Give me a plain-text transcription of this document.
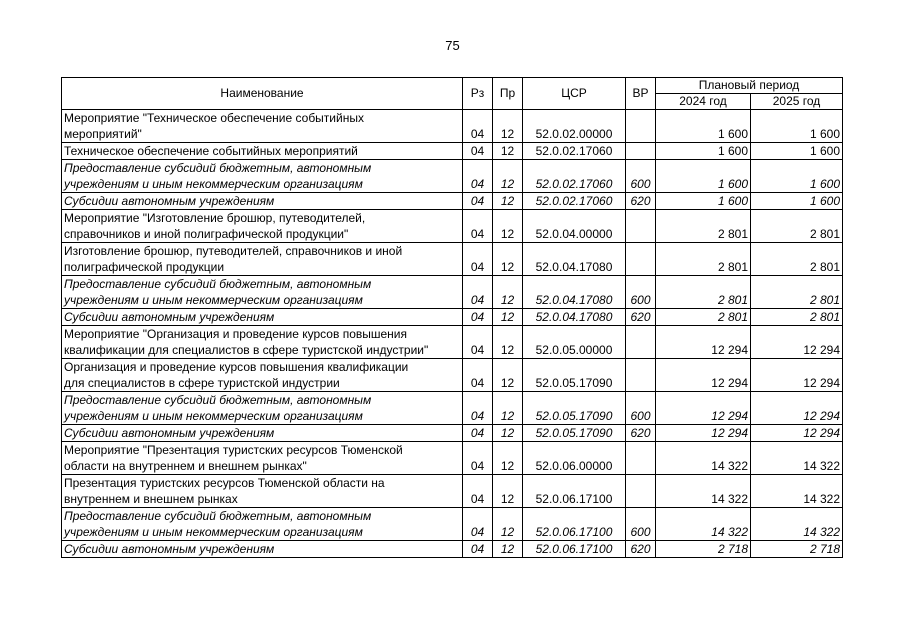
75
Наименование	Рз	Пр	ЦСР	ВР	Плановый период	
					2024 год	2025 год
Мероприятие "Техническое обеспечение событийных
мероприятий"	04	12	52.0.02.00000		1 600	1 600
Техническое обеспечение событийных мероприятий	04	12	52.0.02.17060		1 600	1 600
Предоставление субсидий бюджетным, автономным
учреждениям и иным некоммерческим организациям	04	12	52.0.02.17060	600	1 600	1 600
Субсидии автономным учреждениям	04	12	52.0.02.17060	620	1 600	1 600
Мероприятие "Изготовление брошюр, путеводителей,
справочников и иной полиграфической продукции"	04	12	52.0.04.00000		2 801	2 801
Изготовление брошюр, путеводителей, справочников и иной
полиграфической продукции	04	12	52.0.04.17080		2 801	2 801
Предоставление субсидий бюджетным, автономным
учреждениям и иным некоммерческим организациям	04	12	52.0.04.17080	600	2 801	2 801
Субсидии автономным учреждениям	04	12	52.0.04.17080	620	2 801	2 801
Мероприятие "Организация и проведение курсов повышения
квалификации для специалистов в сфере туристской индустрии"	04	12	52.0.05.00000		12 294	12 294
Организация и проведение курсов повышения квалификации
для специалистов в сфере туристской индустрии	04	12	52.0.05.17090		12 294	12 294
Предоставление субсидий бюджетным, автономным
учреждениям и иным некоммерческим организациям	04	12	52.0.05.17090	600	12 294	12 294
Субсидии автономным учреждениям	04	12	52.0.05.17090	620	12 294	12 294
Мероприятие "Презентация туристских ресурсов Тюменской
области на внутреннем и внешнем рынках"	04	12	52.0.06.00000		14 322	14 322
Презентация туристских ресурсов Тюменской области на
внутреннем и внешнем рынках	04	12	52.0.06.17100		14 322	14 322
Предоставление субсидий бюджетным, автономным
учреждениям и иным некоммерческим организациям	04	12	52.0.06.17100	600	14 322	14 322
Субсидии автономным учреждениям	04	12	52.0.06.17100	620	2 718	2 718
